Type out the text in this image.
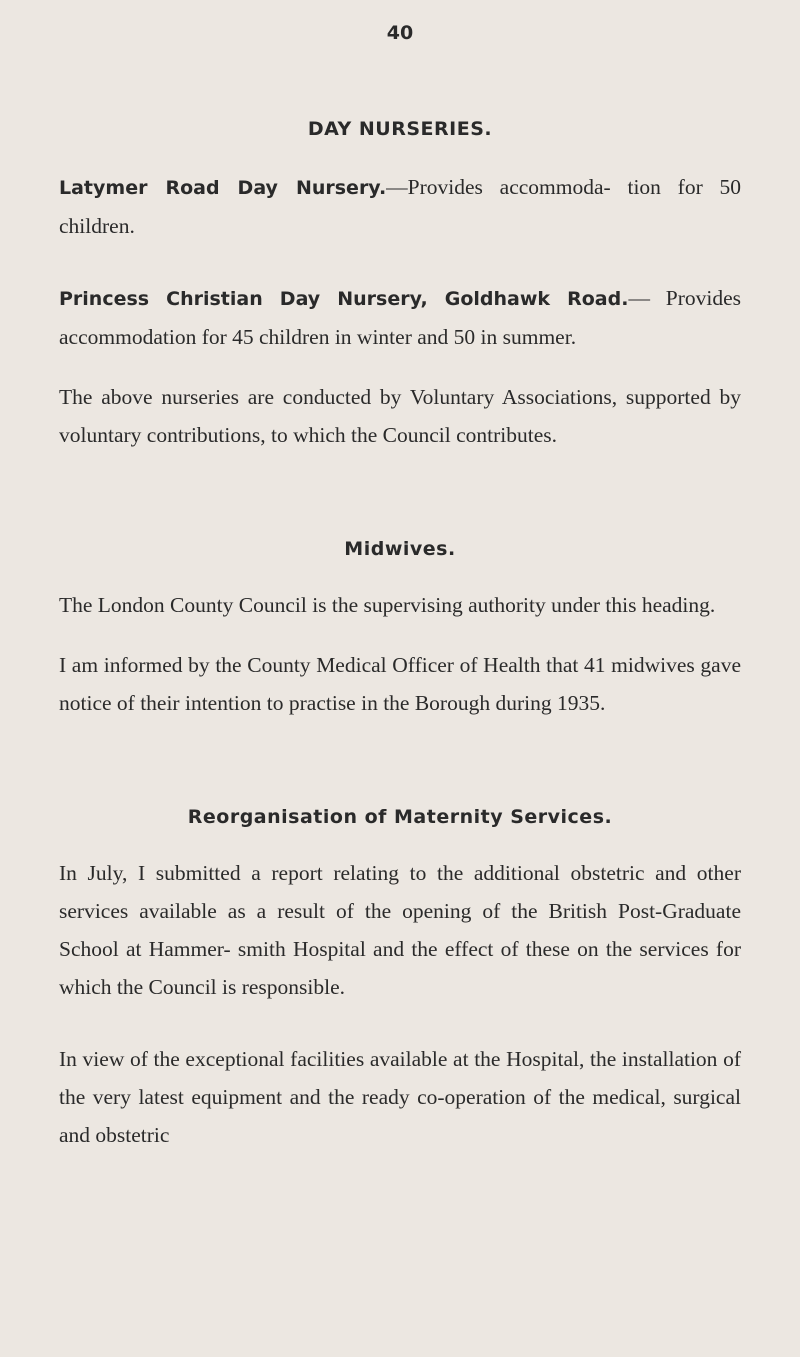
40

DAY NURSERIES.

Latymer Road Day Nursery.—Provides accommoda- tion for 50 children.

Princess Christian Day Nursery, Goldhawk Road.— Provides accommodation for 45 children in winter and 50 in summer.

The above nurseries are conducted by Voluntary Associations, supported by voluntary contributions, to which the Council contributes.

Midwives.

The London County Council is the supervising authority under this heading.

I am informed by the County Medical Officer of Health that 41 midwives gave notice of their intention to practise in the Borough during 1935.

Reorganisation of Maternity Services.

In July, I submitted a report relating to the additional obstetric and other services available as a result of the opening of the British Post-Graduate School at Hammer- smith Hospital and the effect of these on the services for which the Council is responsible.

In view of the exceptional facilities available at the Hospital, the installation of the very latest equipment and the ready co-operation of the medical, surgical and obstetric
